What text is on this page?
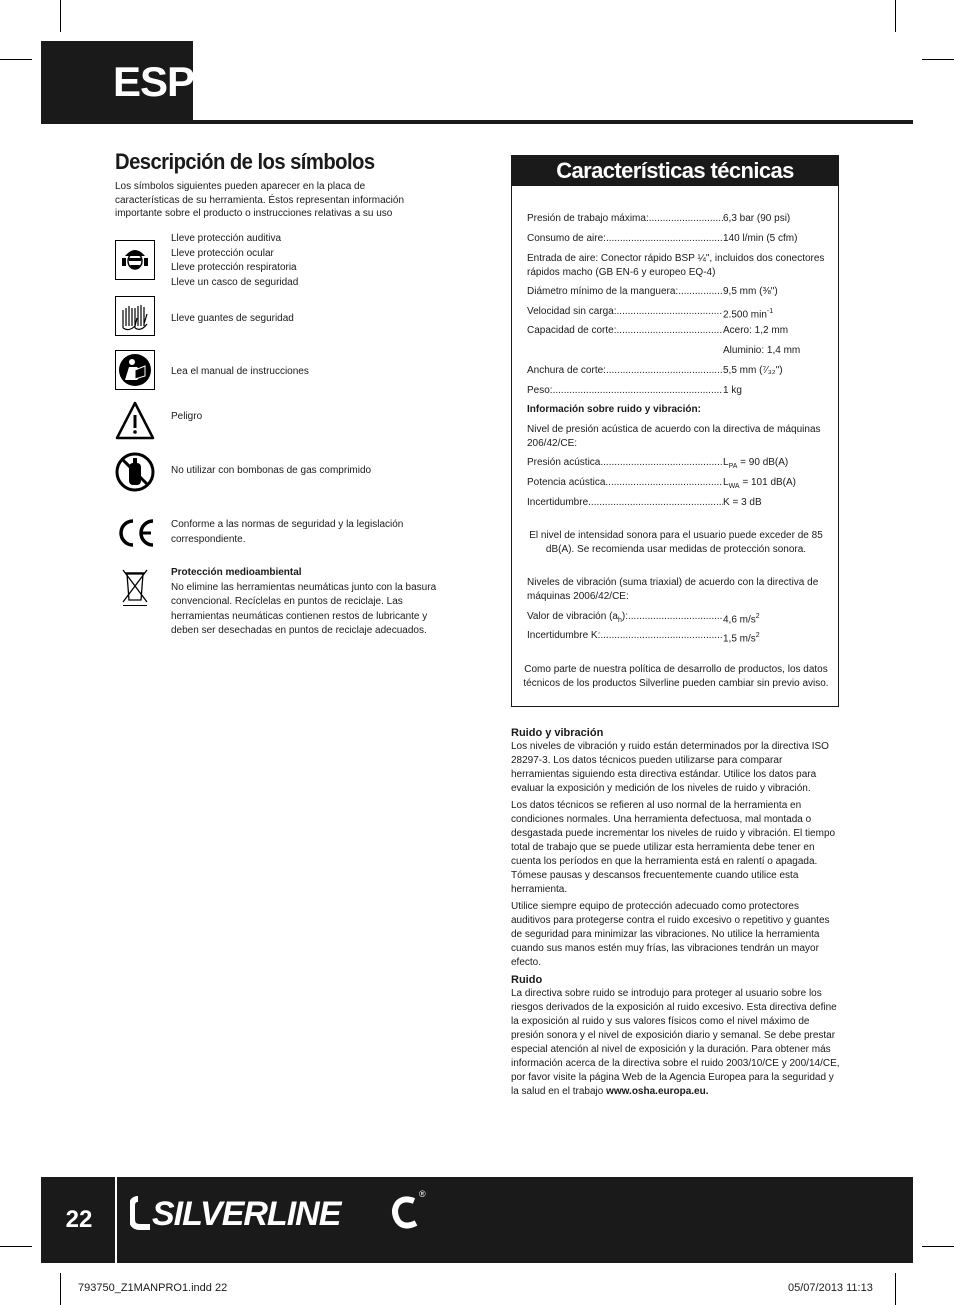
ESP
Descripción de los símbolos
Los símbolos siguientes pueden aparecer en la placa de características de su herramienta. Éstos representan información importante sobre el producto o instrucciones relativas a su uso
Lleve protección auditiva
Lleve protección ocular
Lleve protección respiratoria
Lleve un casco de seguridad
Lleve guantes de seguridad
Lea el manual de instrucciones
Peligro
No utilizar con bombonas de gas comprimido
Conforme a las normas de seguridad y la legislación correspondiente.
Protección medioambiental
No elimine las herramientas neumáticas junto con la basura convencional. Recíclelas en puntos de reciclaje. Las herramientas neumáticas contienen restos de lubricante y deben ser desechadas en puntos de reciclaje adecuados.
Características técnicas
Presión de trabajo máxima: .....	6,3 bar (90 psi)
Consumo de aire: .....	140 l/min (5 cfm)
Entrada de aire: Conector rápido BSP ¼", incluidos dos conectores rápidos macho (GB EN-6 y europeo EQ-4)
Diámetro mínimo de la manguera: .....	9,5 mm (⅜")
Velocidad sin carga: .....	2.500 $\min^{-1}$
Capacidad de corte: .....	Acero: 1,2 mm
Aluminio: 1,4 mm
Anchura de corte: .....	5,5 mm (⁷⁄₃₂")
Peso: .....	1 kg
Información sobre ruido y vibración:
Nivel de presión acústica de acuerdo con la directiva de máquinas 206/42/CE:
Presión acústica .....	$L_{PA} = 90$ dB(A)
Potencia acústica .....	$L_{WA} = 101$ dB(A)
Incertidumbre .....	K = 3 dB
El nivel de intensidad sonora para el usuario puede exceder de 85 dB(A). Se recomienda usar medidas de protección sonora.
Niveles de vibración (suma triaxial) de acuerdo con la directiva de máquinas 2006/42/CE:
Valor de vibración $(a_h)$: .....	4,6 $m/s^2$
Incertidumbre K: .....	1,5 $m/s^2$
Como parte de nuestra política de desarrollo de productos, los datos técnicos de los productos Silverline pueden cambiar sin previo aviso.
Ruido y vibración

Los niveles de vibración y ruido están determinados por la directiva ISO 28297-3. Los datos técnicos pueden utilizarse para comparar herramientas siguiendo esta directiva estándar. Utilice los datos para evaluar la exposición y medición de los niveles de ruido y vibración.

Los datos técnicos se refieren al uso normal de la herramienta en condiciones normales. Una herramienta defectuosa, mal montada o desgastada puede incrementar los niveles de ruido y vibración. El tiempo total de trabajo que se puede utilizar esta herramienta debe tener en cuenta los períodos en que la herramienta está en ralentí o apagada. Tómese pausas y descansos frecuentemente cuando utilice esta herramienta.

Utilice siempre equipo de protección adecuado como protectores auditivos para protegerse contra el ruido excesivo o repetitivo y guantes de seguridad para minimizar las vibraciones. No utilice la herramienta cuando sus manos estén muy frías, las vibraciones tendrán un mayor efecto.

Ruido

La directiva sobre ruido se introdujo para proteger al usuario sobre los riesgos derivados de la exposición al ruido excesivo. Esta directiva define la exposición al ruido y sus valores físicos como el nivel máximo de presión sonora y el nivel de exposición diario y semanal. Se debe prestar especial atención al nivel de exposición y la duración. Para obtener más información acerca de la directiva sobre el ruido 2003/10/CE y 200/14/CE, por favor visite la página Web de la Agencia Europea para la seguridad y la salud en el trabajo www.osha.europa.eu.

22	SILVERLINE
®
793750_Z1MANPRO1.indd 22	05/07/2013 11:13
